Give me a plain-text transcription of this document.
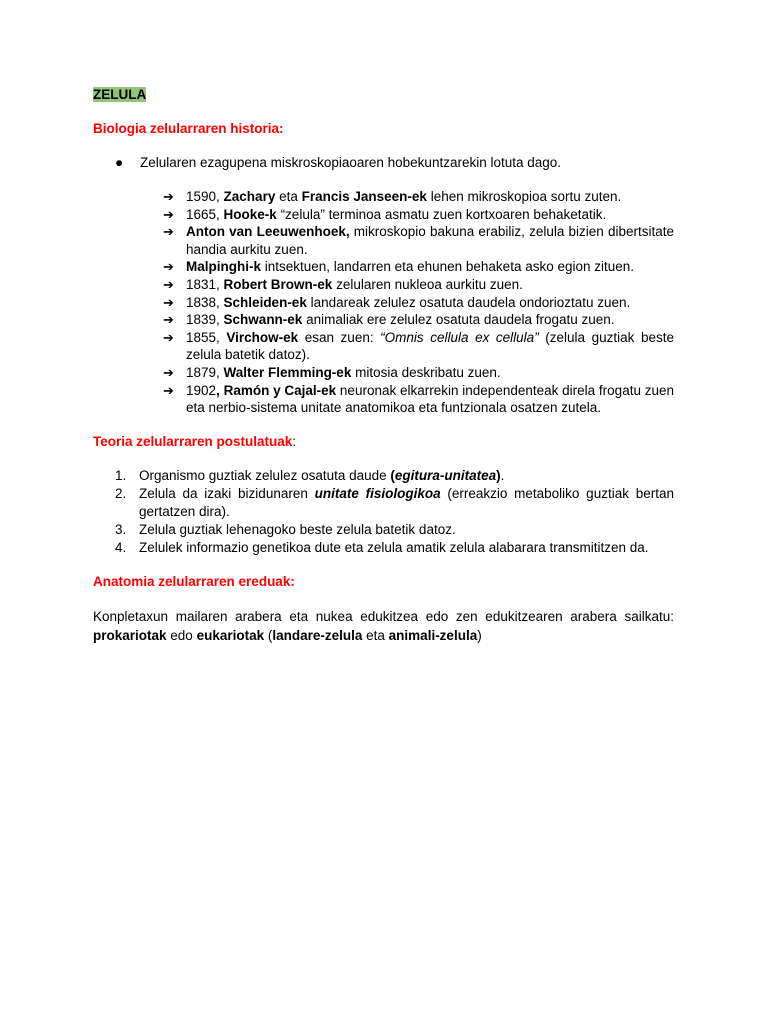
ZELULA

Biologia zelularraren historia:

● Zelularen ezagupena miskroskopiaoaren hobekuntzarekin lotuta dago.
➔ 1590, Zachary eta Francis Janseen-ek lehen mikroskopioa sortu zuten.
➔ 1665, Hooke-k “zelula” terminoa asmatu zuen kortxoaren behaketatik.
➔ Anton van Leeuwenhoek, mikroskopio bakuna erabiliz, zelula bizien dibertsitate handia aurkitu zuen.
➔ Malpinghi-k intsektuen, landarren eta ehunen behaketa asko egion zituen.
➔ 1831, Robert Brown-ek zelularen nukleoa aurkitu zuen.
➔ 1838, Schleiden-ek landareak zelulez osatuta daudela ondorioztatu zuen.
➔ 1839, Schwann-ek animaliak ere zelulez osatuta daudela frogatu zuen.
➔ 1855, Virchow-ek esan zuen: “Omnis cellula ex cellula” (zelula guztiak beste zelula batetik datoz).
➔ 1879, Walter Flemming-ek mitosia deskribatu zuen.
➔ 1902, Ramón y Cajal-ek neuronak elkarrekin independenteak direla frogatu zuen eta nerbio-sistema unitate anatomikoa eta funtzionala osatzen zutela.

Teoria zelularraren postulatuak:

1. Organismo guztiak zelulez osatuta daude (egitura-unitatea).
2. Zelula da izaki bizidunaren unitate fisiologikoa (erreakzio metaboliko guztiak bertan gertatzen dira).
3. Zelula guztiak lehenagoko beste zelula batetik datoz.
4. Zelulek informazio genetikoa dute eta zelula amatik zelula alabarara transmititzen da.

Anatomia zelularraren ereduak:

Konpletaxun mailaren arabera eta nukea edukitzea edo zen edukitzearen arabera sailkatu: prokariotak edo eukariotak (landare-zelula eta animali-zelula)
